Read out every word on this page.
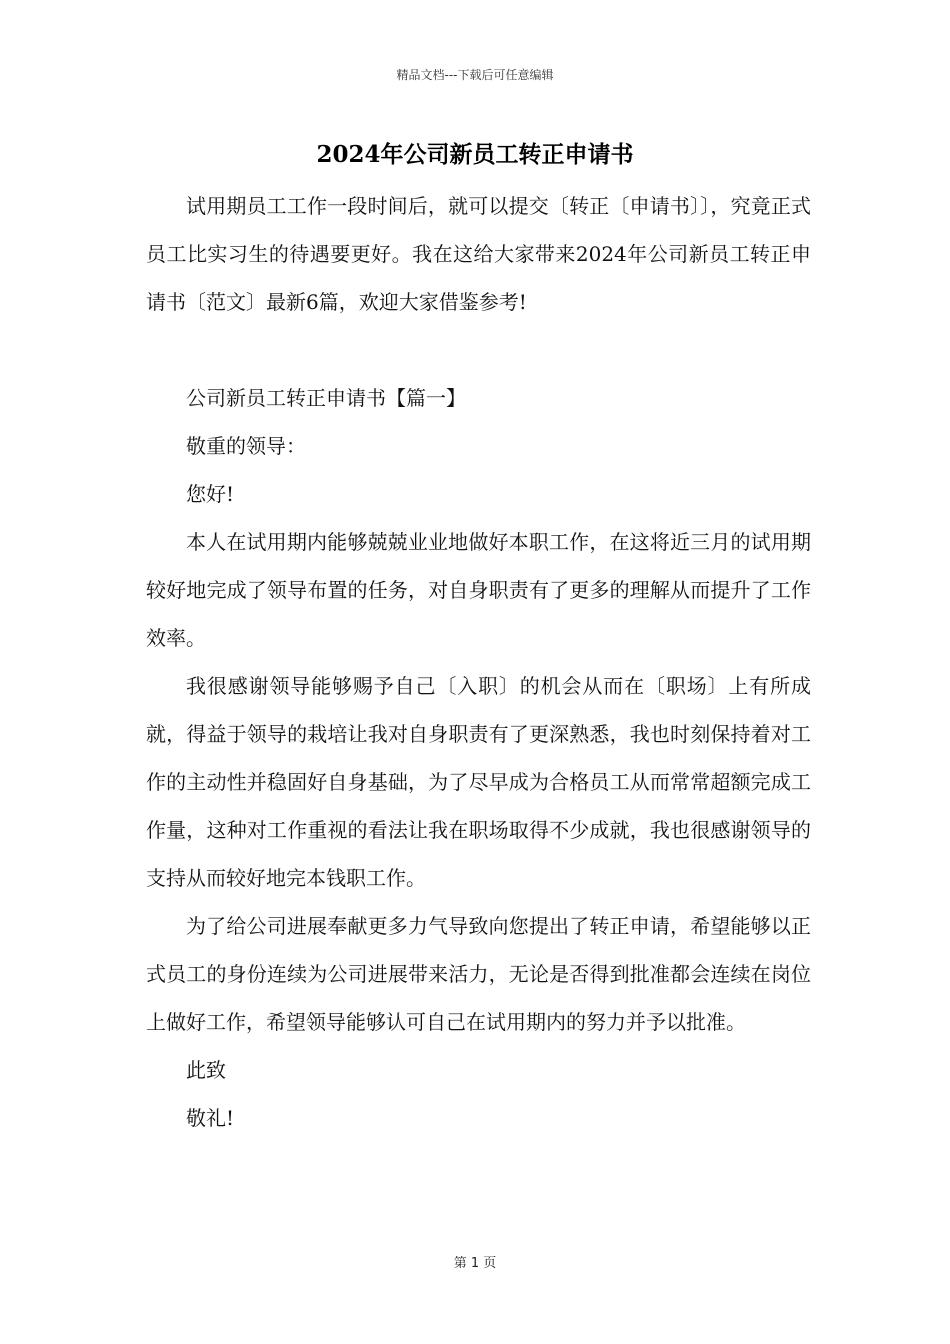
精品文档---下载后可任意编辑
2024年公司新员工转正申请书

试用期员工工作一段时间后，就可以提交〔转正〔申请书〕〕，究竟正式员工比实习生的待遇要更好。我在这给大家带来2024年公司新员工转正申请书〔范文〕最新6篇，欢迎大家借鉴参考!

公司新员工转正申请书【篇一】

敬重的领导：

您好!

本人在试用期内能够兢兢业业地做好本职工作，在这将近三月的试用期较好地完成了领导布置的任务，对自身职责有了更多的理解从而提升了工作效率。

我很感谢领导能够赐予自己〔入职〕的机会从而在〔职场〕上有所成就，得益于领导的栽培让我对自身职责有了更深熟悉，我也时刻保持着对工作的主动性并稳固好自身基础，为了尽早成为合格员工从而常常超额完成工作量，这种对工作重视的看法让我在职场取得不少成就，我也很感谢领导的支持从而较好地完本钱职工作。

为了给公司进展奉献更多力气导致向您提出了转正申请，希望能够以正式员工的身份连续为公司进展带来活力，无论是否得到批准都会连续在岗位上做好工作，希望领导能够认可自己在试用期内的努力并予以批准。

此致

敬礼!

第 1 页
